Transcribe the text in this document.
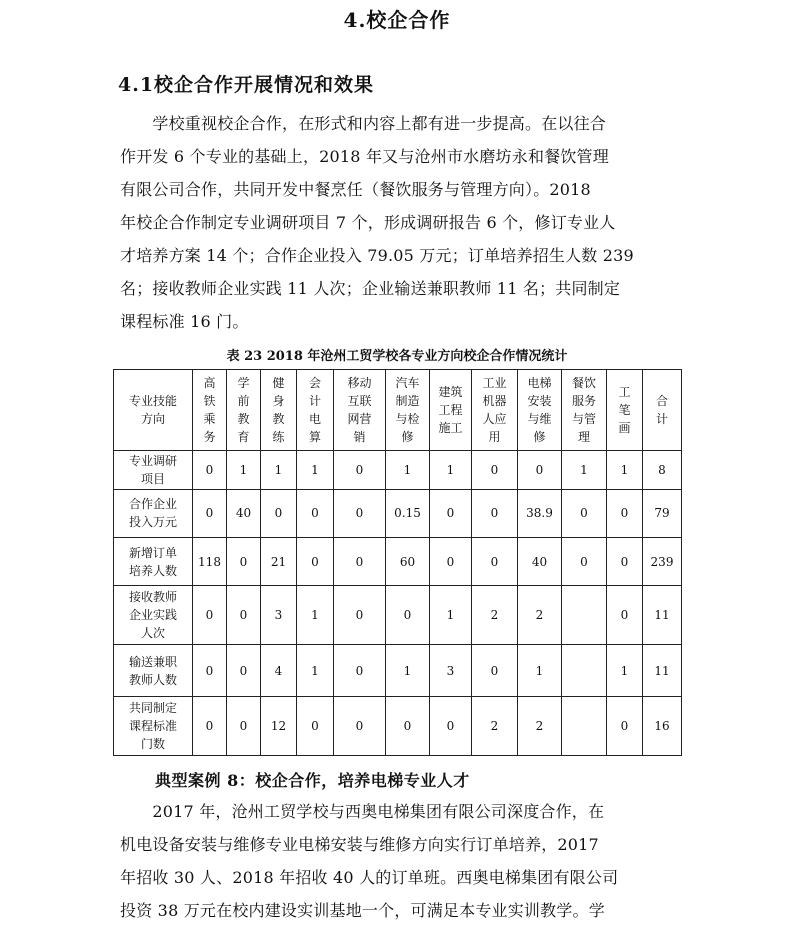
4.校企合作
4.1校企合作开展情况和效果
　　学校重视校企合作，在形式和内容上都有进一步提高。在以往合
作开发 6 个专业的基础上，2018 年又与沧州市水磨坊永和餐饮管理
有限公司合作，共同开发中餐烹任（餐饮服务与管理方向）。2018
年校企合作制定专业调研项目 7 个，形成调研报告 6 个，修订专业人
才培养方案 14 个；合作企业投入 79.05 万元；订单培养招生人数 239
名；接收教师企业实践 11 人次；企业输送兼职教师 11 名；共同制定
课程标准 16 门。
表 23 2018 年沧州工贸学校各专业方向校企合作情况统计
专业技能方向	高铁乘务	学前教育	健身教练	会计电算	移动互联网营销	汽车制造与检修	建筑工程施工	工业机器人应用	电梯安装与维修	餐饮服务与管理	工笔画	合计

专业调研项目	0	1	1	1	0	1	1	0	0	1	1	8

合作企业投入万元	0	40	0	0	0	0.15	0	0	38.9	0	0	79

新增订单培养人数	118	0	21	0	0	60	0	0	40	0	0	239

接收教师企业实践人次	0	0	3	1	0	0	1	2	2		0	11

输送兼职教师人数	0	0	4	1	0	1	3	0	1		1	11

共同制定课程标准门数	0	0	12	0	0	0	0	2	2		0	16
典型案例 8：校企合作，培养电梯专业人才
　　2017 年，沧州工贸学校与西奥电梯集团有限公司深度合作，在
机电设备安装与维修专业电梯安装与维修方向实行订单培养，2017
年招收 30 人、2018 年招收 40 人的订单班。西奥电梯集团有限公司
投资 38 万元在校内建设实训基地一个，可满足本专业实训教学。学
